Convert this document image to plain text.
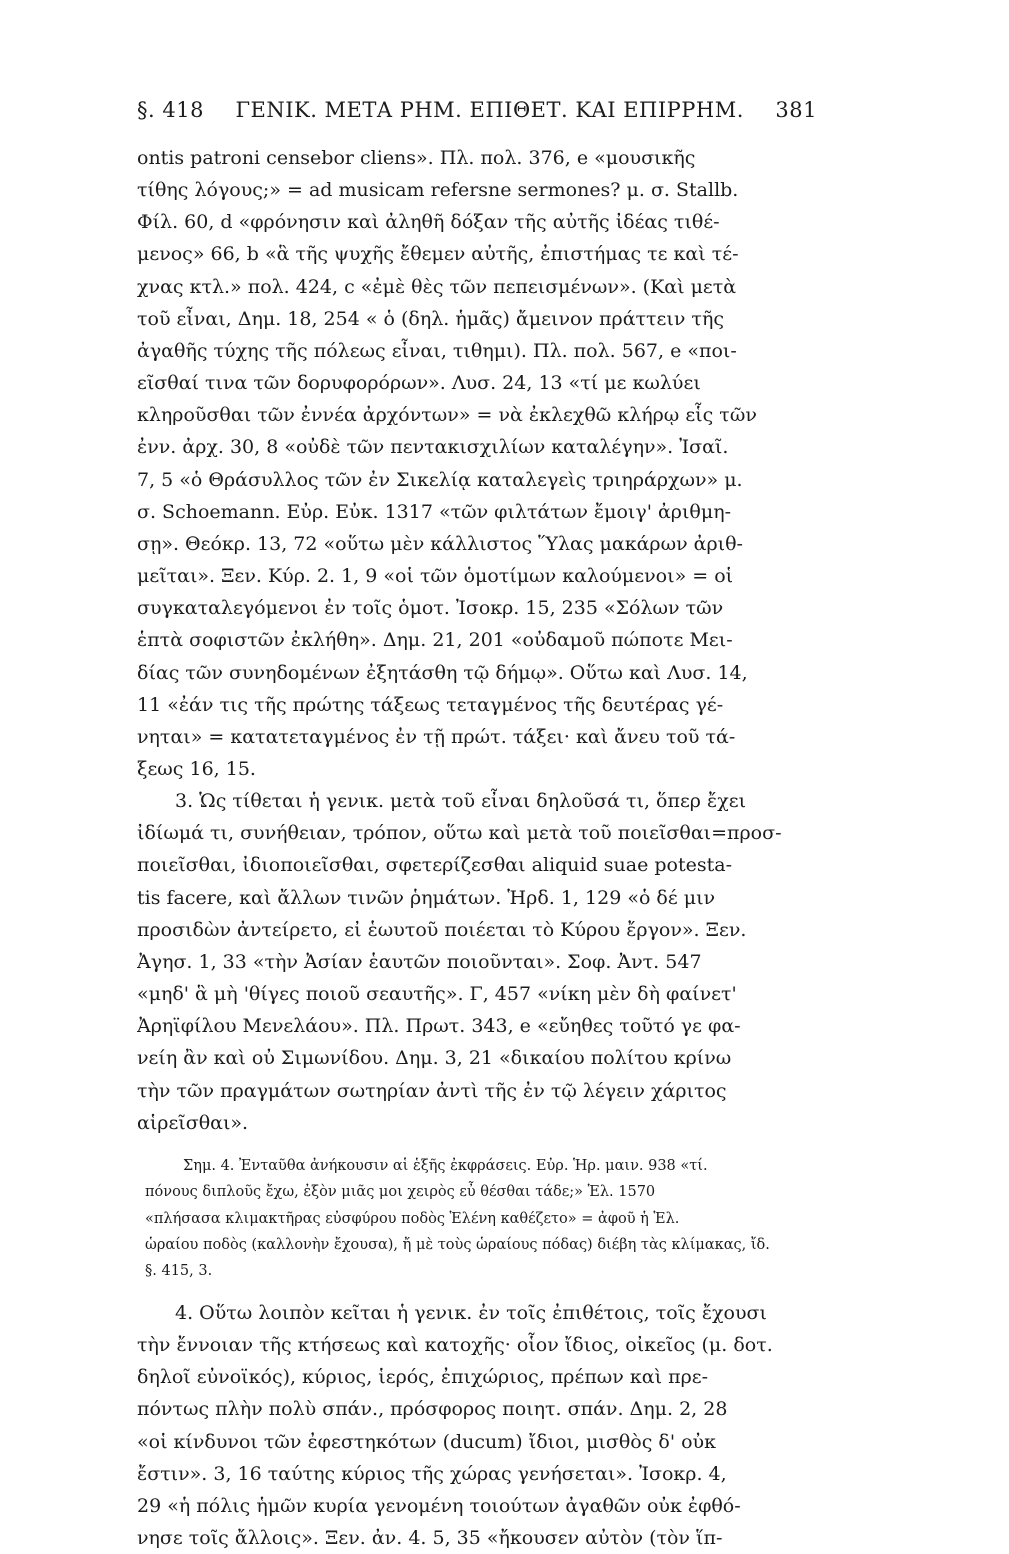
§. 418 ΓΕΝΙΚ. ΜΕΤΑ ΡΗΜ. ΕΠΙΘΕΤ. ΚΑΙ ΕΠΙΡΡΗΜ. 381
ontis patroni censebor cliens». Πλ. πολ. 376, e «μουσικῆς
τίθης λόγους;» = ad musicam refersne sermones? μ. σ. Stallb.
Φίλ. 60, d «φρόνησιν καὶ ἀληθῆ δόξαν τῆς αὐτῆς ἰδέας τιθέ-
μενος» 66, b «ἃ τῆς ψυχῆς ἔθεμεν αὐτῆς, ἐπιστήμας τε καὶ τέ-
χνας κτλ.» πολ. 424, c «ἐμὲ θὲς τῶν πεπεισμένων». (Καὶ μετὰ
τοῦ εἶναι, Δημ. 18, 254 « ὁ (δηλ. ἡμᾶς) ἄμεινον πράττειν τῆς
ἀγαθῆς τύχης τῆς πόλεως εἶναι, τιθημι). Πλ. πολ. 567, e «ποι-
εῖσθαί τινα τῶν δορυφορόρων». Λυσ. 24, 13 «τί με κωλύει
κληροῦσθαι τῶν ἐννέα ἀρχόντων» = νὰ ἐκλεχθῶ κλήρῳ εἷς τῶν
ἐνν. ἀρχ. 30, 8 «οὐδὲ τῶν πεντακισχιλίων καταλέγην». Ἰσαῖ.
7, 5 «ὁ Θράσυλλος τῶν ἐν Σικελίᾳ καταλεγεὶς τριηράρχων» μ.
σ. Schoemann. Εὐρ. Εὐκ. 1317 «τῶν φιλτάτων ἔμοιγ' ἀριθμη-
σῃ». Θεόκρ. 13, 72 «οὕτω μὲν κάλλιστος Ὕλας μακάρων ἀριθ-
μεῖται». Ξεν. Κύρ. 2. 1, 9 «οἱ τῶν ὁμοτίμων καλούμενοι» = οἱ
συγκαταλεγόμενοι ἐν τοῖς ὁμοτ. Ἰσοκρ. 15, 235 «Σόλων τῶν
ἑπτὰ σοφιστῶν ἐκλήθη». Δημ. 21, 201 «οὐδαμοῦ πώποτε Μει-
δίας τῶν συνηδομένων ἐξητάσθη τῷ δήμῳ». Οὕτω καὶ Λυσ. 14,
11 «ἐάν τις τῆς πρώτης τάξεως τεταγμένος τῆς δευτέρας γέ-
νηται» = κατατεταγμένος ἐν τῇ πρώτ. τάξει· καὶ ἄνευ τοῦ τά-
ξεως 16, 15.
3. Ὡς τίθεται ἡ γενικ. μετὰ τοῦ εἶναι δηλοῦσά τι, ὅπερ ἔχει
ἰδίωμά τι, συνήθειαν, τρόπον, οὕτω καὶ μετὰ τοῦ ποιεῖσθαι=προσ-
ποιεῖσθαι, ἰδιοποιεῖσθαι, σφετερίζεσθαι aliquid suae potesta-
tis facere, καὶ ἄλλων τινῶν ῥημάτων. Ἡρδ. 1, 129 «ὁ δέ μιν
προσιδὼν ἀντείρετο, εἰ ἑωυτοῦ ποιέεται τὸ Κύρου ἔργον». Ξεν.
Ἀγησ. 1, 33 «τὴν Ἀσίαν ἑαυτῶν ποιοῦνται». Σοφ. Ἀντ. 547
«μηδ' ἃ μὴ 'θίγες ποιοῦ σεαυτῆς». Γ, 457 «νίκη μὲν δὴ φαίνετ'
Ἀρηϊφίλου Μενελάου». Πλ. Πρωτ. 343, e «εὔηθες τοῦτό γε φα-
νείη ἂν καὶ οὐ Σιμωνίδου. Δημ. 3, 21 «δικαίου πολίτου κρίνω
τὴν τῶν πραγμάτων σωτηρίαν ἀντὶ τῆς ἐν τῷ λέγειν χάριτος
αἱρεῖσθαι».
Σημ. 4. Ἐνταῦθα ἀνήκουσιν αἱ ἑξῆς ἐκφράσεις. Εὐρ. Ἡρ. μαιν. 938 «τί.
πόνους διπλοῦς ἔχω, ἐξὸν μιᾶς μοι χειρὸς εὖ θέσθαι τάδε;» Ἑλ. 1570
«πλήσασα κλιμακτῆρας εὐσφύρου ποδὸς Ἑλένη καθέζετο» = ἀφοῦ ἡ Ἑλ.
ὡραίου ποδὸς (καλλονὴν ἔχουσα), ἤ μὲ τοὺς ὡραίους πόδας) διέβη τὰς κλίμακας, ἴδ.
§. 415, 3.
4. Οὕτω λοιπὸν κεῖται ἡ γενικ. ἐν τοῖς ἐπιθέτοις, τοῖς ἔχουσι
τὴν ἔννοιαν τῆς κτήσεως καὶ κατοχῆς· οἷον ἴδιος, οἰκεῖος (μ. δοτ.
δηλοῖ εὐνοϊκός), κύριος, ἱερός, ἐπιχώριος, πρέπων καὶ πρε-
πόντως πλὴν πολὺ σπάν., πρόσφορος ποιητ. σπάν. Δημ. 2, 28
«οἱ κίνδυνοι τῶν ἐφεστηκότων (ducum) ἴδιοι, μισθὸς δ' οὐκ
ἔστιν». 3, 16 ταύτης κύριος τῆς χώρας γενήσεται». Ἰσοκρ. 4,
29 «ἡ πόλις ἡμῶν κυρία γενομένη τοιούτων ἀγαθῶν οὐκ ἐφθό-
νησε τοῖς ἄλλοις». Ξεν. ἀν. 4. 5, 35 «ἤκουσεν αὐτὸν (τὸν ἵπ-
